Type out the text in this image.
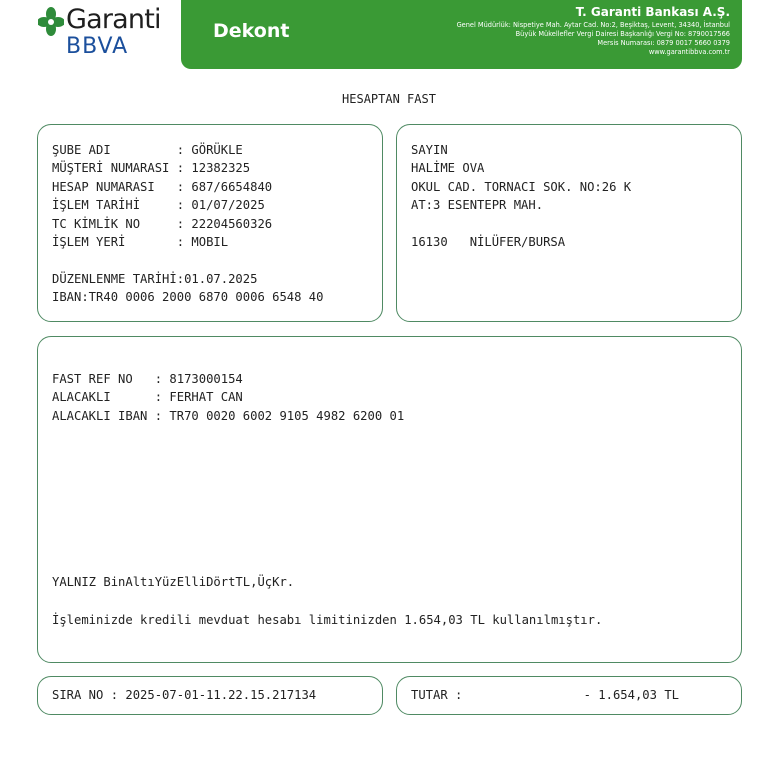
Garanti
BBVA
Dekont
T. Garanti Bankası A.Ş.
Genel Müdürlük: Nispetiye Mah. Aytar Cad. No:2, Beşiktaş, Levent, 34340, İstanbul
Büyük Mükellefler Vergi Dairesi Başkanlığı Vergi No: 8790017566
Mersis Numarası: 0879 0017 5660 0379
www.garantibbva.com.tr
HESAPTAN FAST
ŞUBE ADI         : GÖRÜKLE
MÜŞTERİ NUMARASI : 12382325
HESAP NUMARASI   : 687/6654840
İŞLEM TARİHİ     : 01/07/2025
TC KİMLİK NO     : 22204560326
İŞLEM YERİ       : MOBIL
DÜZENLENME TARİHİ:01.07.2025
IBAN:TR40 0006 2000 6870 0006 6548 40
SAYIN
HALİME OVA
OKUL CAD. TORNACI SOK. NO:26 K
AT:3 ESENTEPR MAH.
16130   NİLÜFER/BURSA
FAST REF NO   : 8173000154
ALACAKLI      : FERHAT CAN
ALACAKLI IBAN : TR70 0020 6002 9105 4982 6200 01
YALNIZ BinAltıYüzElliDörtTL,ÜçKr.
İşleminizde kredili mevduat hesabı limitinizden 1.654,03 TL kullanılmıştır.
SIRA NO : 2025-07-01-11.22.15.217134	TUTAR :	- 1.654,03 TL
